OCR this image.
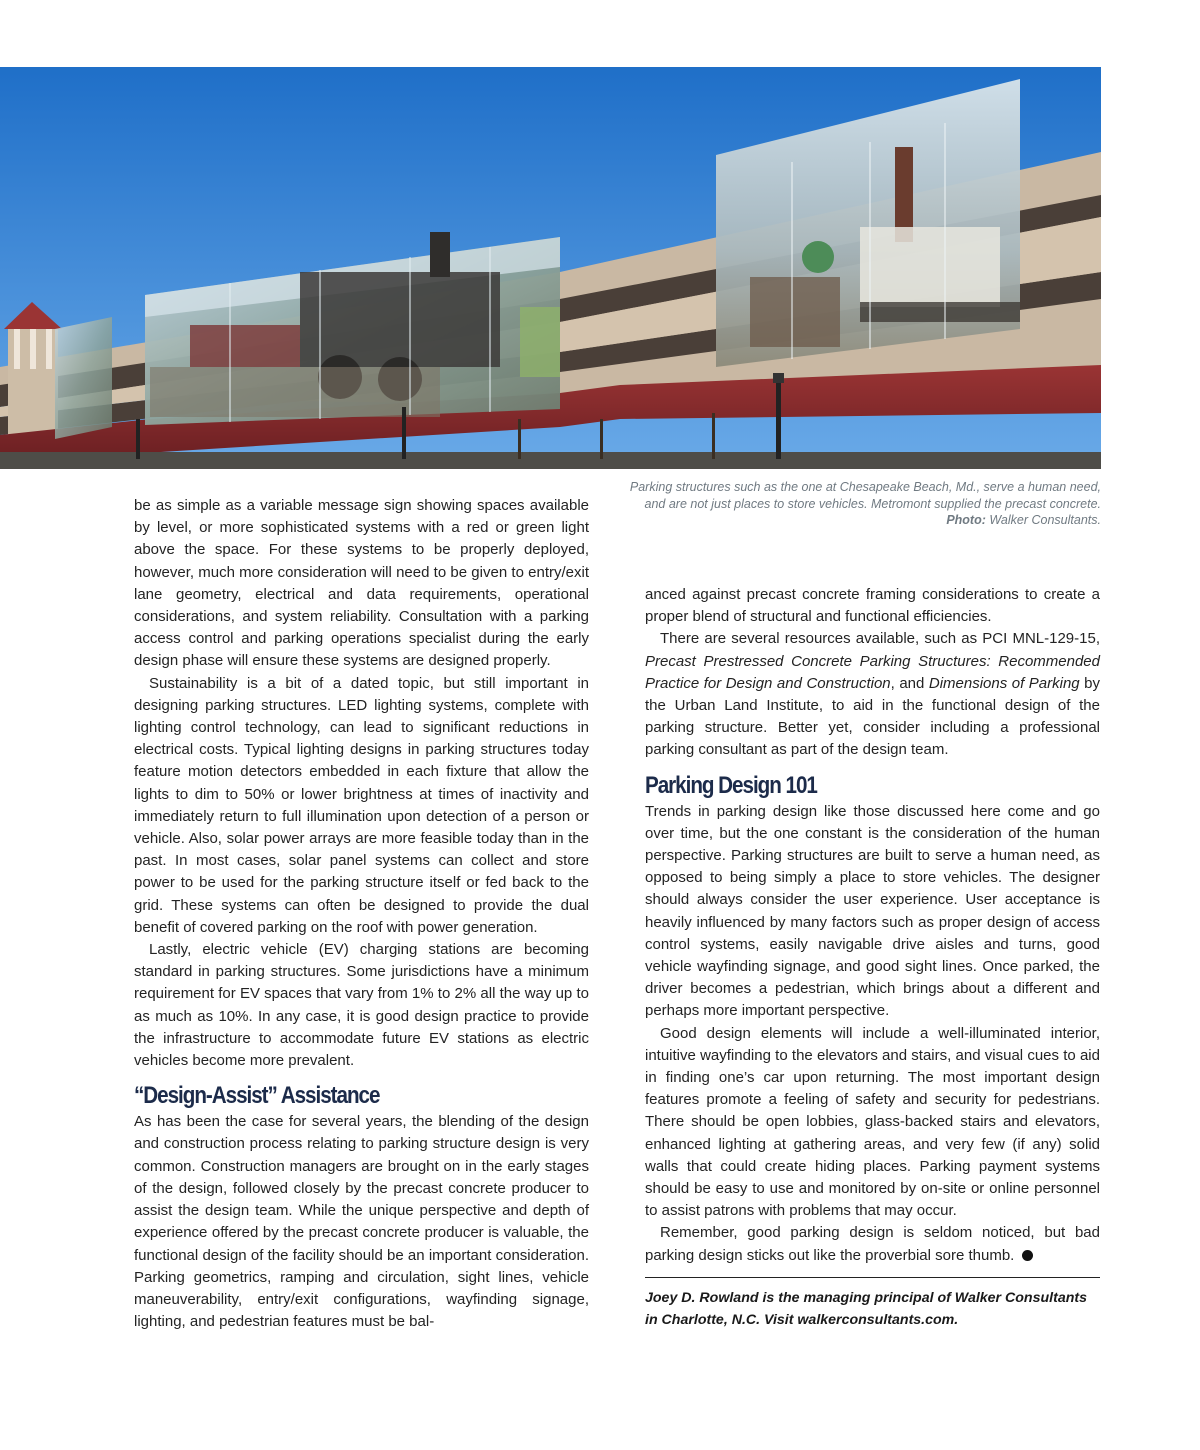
Parking structures such as the one at Chesapeake Beach, Md., serve a human need, and are not just places to store vehicles. Metromont supplied the precast concrete. Photo: Walker Consultants.

be as simple as a variable message sign showing spaces available by level, or more sophisticated systems with a red or green light above the space. For these systems to be properly deployed, however, much more consideration will need to be given to entry/exit lane geometry, electrical and data requirements, operational considerations, and system reliability. Consultation with a parking access control and parking operations specialist during the early design phase will ensure these systems are designed properly.

Sustainability is a bit of a dated topic, but still important in designing parking structures. LED lighting systems, complete with lighting control technology, can lead to significant reductions in electrical costs. Typical lighting designs in parking structures today feature motion detectors embedded in each fixture that allow the lights to dim to 50% or lower brightness at times of inactivity and immediately return to full illumination upon detection of a person or vehicle. Also, solar power arrays are more feasible today than in the past. In most cases, solar panel systems can collect and store power to be used for the parking structure itself or fed back to the grid. These systems can often be designed to provide the dual benefit of covered parking on the roof with power generation.

Lastly, electric vehicle (EV) charging stations are becoming standard in parking structures. Some jurisdictions have a minimum requirement for EV spaces that vary from 1% to 2% all the way up to as much as 10%. In any case, it is good design practice to provide the infrastructure to accommodate future EV stations as electric vehicles become more prevalent.

“Design-Assist” Assistance

As has been the case for several years, the blending of the design and construction process relating to parking structure design is very common. Construction managers are brought on in the early stages of the design, followed closely by the precast concrete producer to assist the design team. While the unique perspective and depth of experience offered by the precast concrete producer is valuable, the functional design of the facility should be an important consideration. Parking geometrics, ramping and circulation, sight lines, vehicle maneuverability, entry/exit configurations, wayfinding signage, lighting, and pedestrian features must be bal-

anced against precast concrete framing considerations to create a proper blend of structural and functional efficiencies.

There are several resources available, such as PCI MNL-129-15, Precast Prestressed Concrete Parking Structures: Recommended Practice for Design and Construction, and Dimensions of Parking by the Urban Land Institute, to aid in the functional design of the parking structure. Better yet, consider including a professional parking consultant as part of the design team.

Parking Design 101

Trends in parking design like those discussed here come and go over time, but the one constant is the consideration of the human perspective. Parking structures are built to serve a human need, as opposed to being simply a place to store vehicles. The designer should always consider the user experience. User acceptance is heavily influenced by many factors such as proper design of access control systems, easily navigable drive aisles and turns, good vehicle wayfinding signage, and good sight lines. Once parked, the driver becomes a pedestrian, which brings about a different and perhaps more important perspective.

Good design elements will include a well-illuminated interior, intuitive wayfinding to the elevators and stairs, and visual cues to aid in finding one’s car upon returning. The most important design features promote a feeling of safety and security for pedestrians. There should be open lobbies, glass-backed stairs and elevators, enhanced lighting at gathering areas, and very few (if any) solid walls that could create hiding places. Parking payment systems should be easy to use and monitored by on-site or online personnel to assist patrons with problems that may occur.

Remember, good parking design is seldom noticed, but bad parking design sticks out like the proverbial sore thumb.

Joey D. Rowland is the managing principal of Walker Consultants in Charlotte, N.C. Visit walkerconsultants.com.
